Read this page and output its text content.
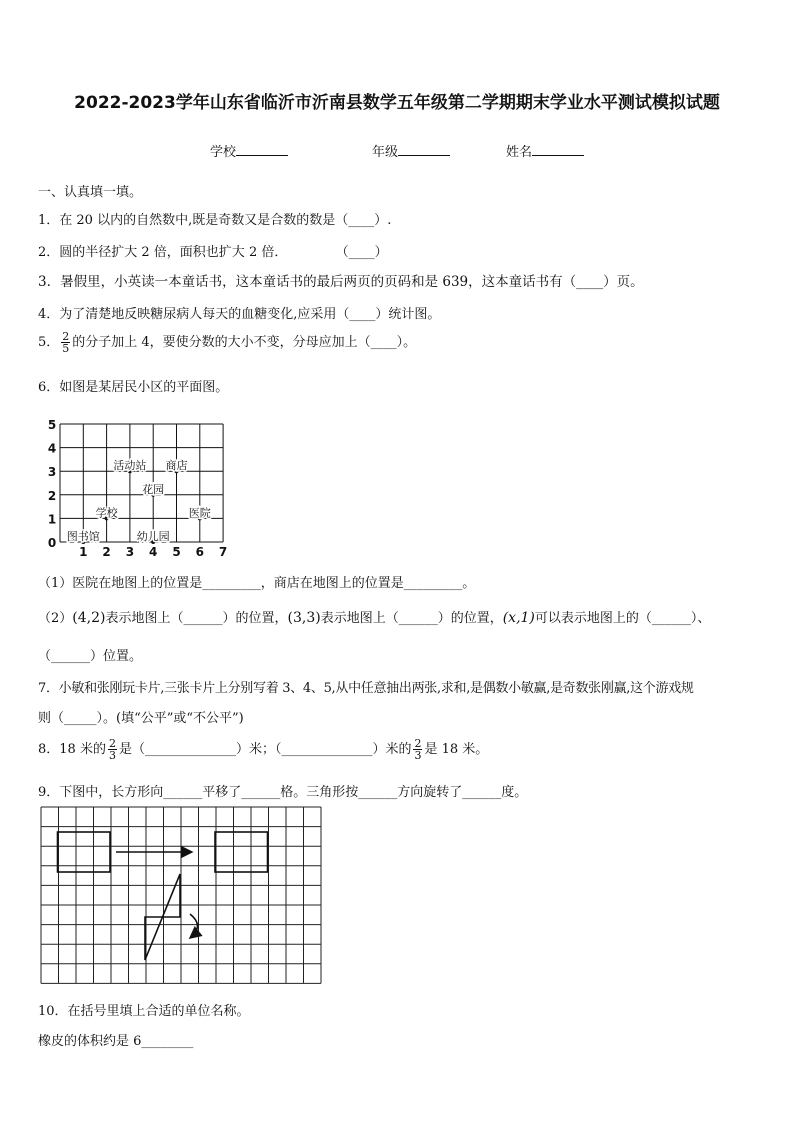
2022-2023学年山东省临沂市沂南县数学五年级第二学期期末学业水平测试模拟试题
学校	年级	姓名
一、认真填一填。
1．在 20 以内的自然数中,既是奇数又是合数的数是（____）.
2．圆的半径扩大 2 倍，面积也扩大 2 倍．	（____）
3．暑假里，小英读一本童话书，这本童话书的最后两页的页码和是 639，这本童话书有（____）页。
4．为了清楚地反映糖尿病人每天的血糖变化,应采用（____）统计图。
5． $\frac{2}{5}$ 的分子加上 4，要使分数的大小不变，分母应加上（____）。
6．如图是某居民小区的平面图。
1 2 3 4 5 6 7
0
1
2
3
4
5
活动站 商店
花园
学校	医院
图书馆	幼儿园
（1）医院在地图上的位置是_________，商店在地图上的位置是_________。
（2）(4,2)表示地图上（______）的位置，(3,3)表示地图上（______）的位置，(x,1)可以表示地图上的（______）、
（______）位置。
7．小敏和张刚玩卡片,三张卡片上分别写着 3、4、5,从中任意抽出两张,求和,是偶数小敏赢,是奇数张刚赢,这个游戏规
则（_____）。(填“公平”或“不公平”)
8．18 米的 $\frac{2}{3}$ 是（______________）米；（______________）米的 $\frac{2}{3}$ 是 18 米。
9．下图中，长方形向______平移了______格。三角形按______方向旋转了______度。
10．在括号里填上合适的单位名称。
橡皮的体积约是 6________
